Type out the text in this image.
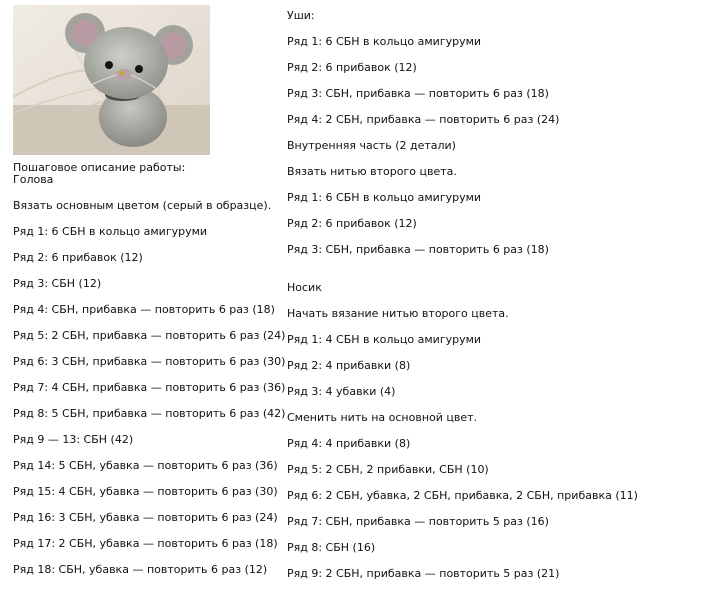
Пошаговое описание работы:
Голова
Вязать основным цветом (серый в образце).
Ряд 1: 6 СБН в кольцо амигуруми
Ряд 2: 6 прибавок (12)
Ряд 3: СБН (12)
Ряд 4: СБН, прибавка — повторить 6 раз (18)
Ряд 5: 2 СБН, прибавка — повторить 6 раз (24)
Ряд 6: 3 СБН, прибавка — повторить 6 раз (30)
Ряд 7: 4 СБН, прибавка — повторить 6 раз (36)
Ряд 8: 5 СБН, прибавка — повторить 6 раз (42)
Ряд 9 — 13: СБН (42)
Ряд 14: 5 СБН, убавка — повторить 6 раз (36)
Ряд 15: 4 СБН, убавка — повторить 6 раз (30)
Ряд 16: 3 СБН, убавка — повторить 6 раз (24)
Ряд 17: 2 СБН, убавка — повторить 6 раз (18)
Ряд 18: СБН, убавка — повторить 6 раз (12)
Уши:
Ряд 1: 6 СБН в кольцо амигуруми
Ряд 2: 6 прибавок (12)
Ряд 3: СБН, прибавка — повторить 6 раз (18)
Ряд 4: 2 СБН, прибавка — повторить 6 раз (24)
Внутренняя часть (2 детали)
Вязать нитью второго цвета.
Ряд 1: 6 СБН в кольцо амигуруми
Ряд 2: 6 прибавок (12)
Ряд 3: СБН, прибавка — повторить 6 раз (18)
Носик
Начать вязание нитью второго цвета.
Ряд 1: 4 СБН в кольцо амигуруми
Ряд 2: 4 прибавки (8)
Ряд 3: 4 убавки (4)
Сменить нить на основной цвет.
Ряд 4: 4 прибавки (8)
Ряд 5: 2 СБН, 2 прибавки, СБН (10)
Ряд 6: 2 СБН, убавка, 2 СБН, прибавка, 2 СБН, прибавка (11)
Ряд 7: СБН, прибавка — повторить 5 раз (16)
Ряд 8: СБН (16)
Ряд 9: 2 СБН, прибавка — повторить 5 раз (21)
